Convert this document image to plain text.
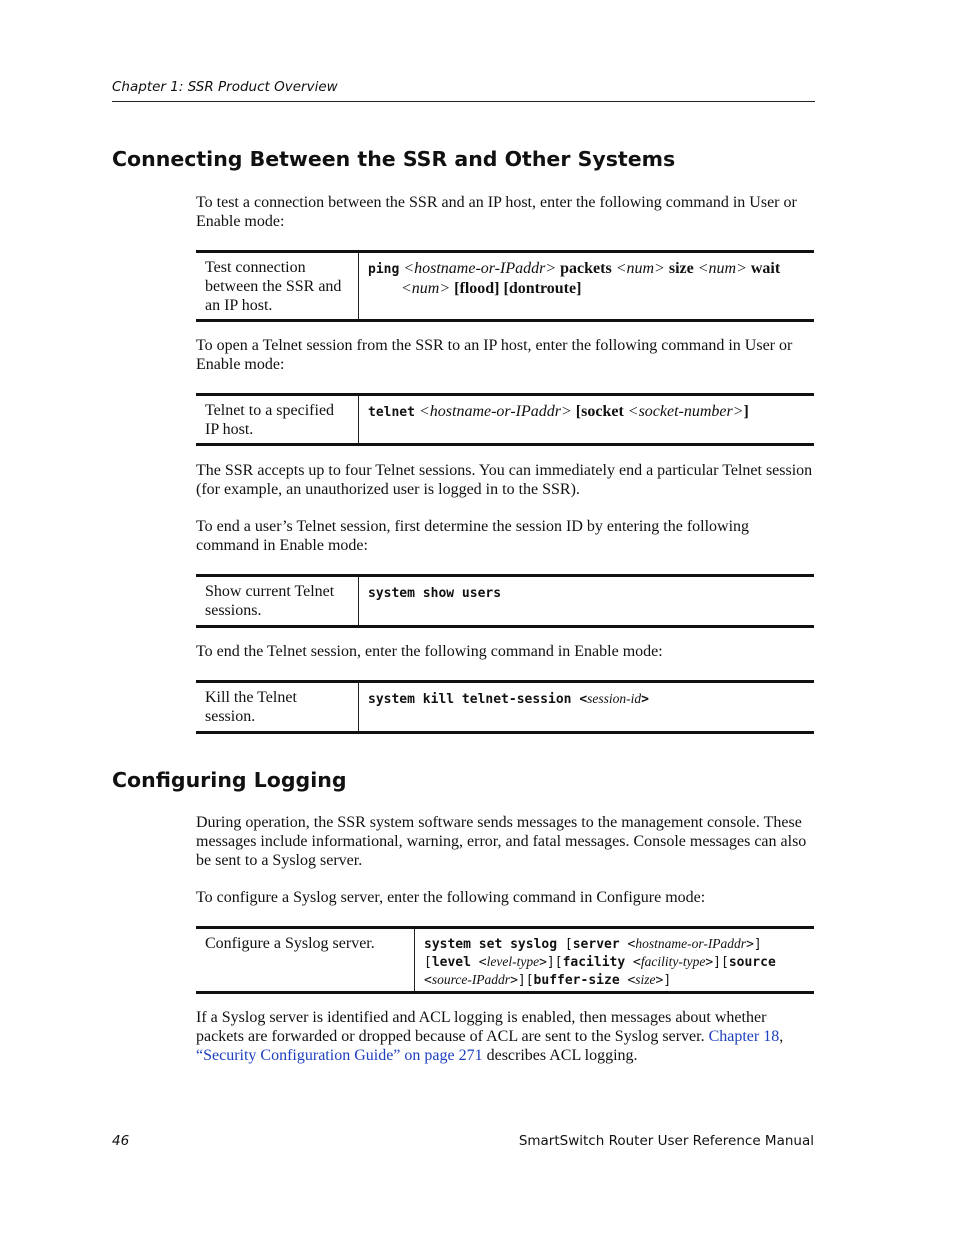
Chapter 1: SSR Product Overview
Connecting Between the SSR and Other Systems

To test a connection between the SSR and an IP host, enter the following command in User or Enable mode:

Test connection between the SSR and an IP host.
ping <hostname-or-IPaddr> packets <num> size <num> wait
<num> [flood] [dontroute]

To open a Telnet session from the SSR to an IP host, enter the following command in User or Enable mode:

Telnet to a specified IP host.
telnet <hostname-or-IPaddr> [socket <socket-number>]

The SSR accepts up to four Telnet sessions. You can immediately end a particular Telnet session (for example, an unauthorized user is logged in to the SSR).

To end a user’s Telnet session, first determine the session ID by entering the following command in Enable mode:

Show current Telnet sessions.
system show users

To end the Telnet session, enter the following command in Enable mode:

Kill the Telnet session.
system kill telnet-session <session-id>
Configuring Logging

During operation, the SSR system software sends messages to the management console. These messages include informational, warning, error, and fatal messages. Console messages can also be sent to a Syslog server.

To configure a Syslog server, enter the following command in Configure mode:

Configure a Syslog server.	system set syslog [server <hostname-or-IPaddr>][level <level-type>][facility <facility-type>][source <source-IPaddr>][buffer-size <size>]

If a Syslog server is identified and ACL logging is enabled, then messages about whether packets are forwarded or dropped because of ACL are sent to the Syslog server. Chapter 18, “Security Configuration Guide” on page 271 describes ACL logging.

46	SmartSwitch Router User Reference Manual
